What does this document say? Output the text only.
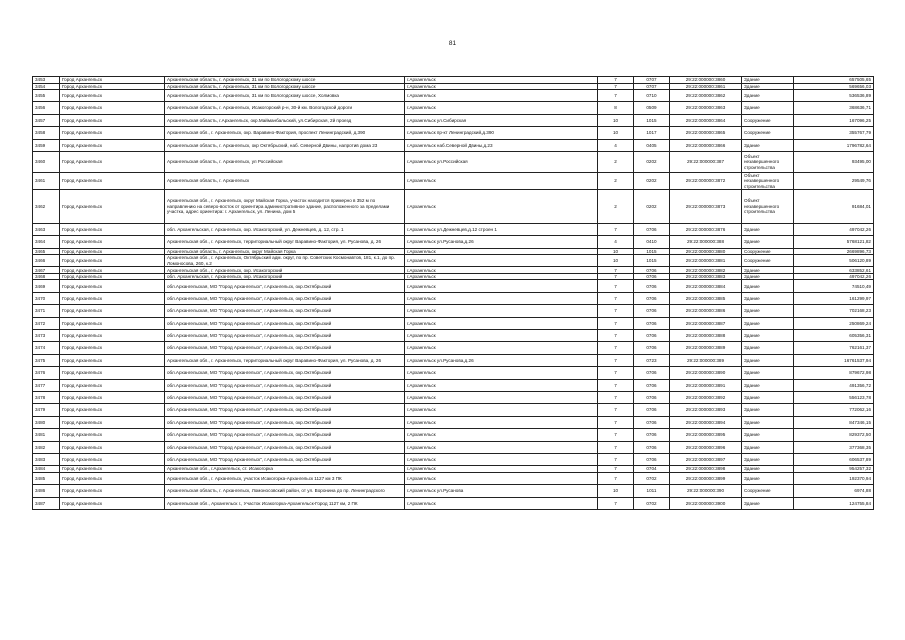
81
3453	Город Архангельск	Архангельская область, г. Архангельск, 31 км по Вологодскому шоссе	г.Архангельск	7	0707	29:22:000000:3860	Здание	657505,65
3454	Город Архангельск	Архангельская область, г. Архангельск, 31 км по Вологодскому шоссе	г.Архангельск	7	0707	29:22:000000:3861	Здание	569656,03
3455	Город Архангельск	Архангельская область, г. Архангельск, 31 км по Вологодскому шоссе, Холмовка	г.Архангельск	7	0710	29:22:000000:3862	Здание	536536,89
3456	Город Архангельск	Архангельская область, г. Архангельск, Исакогорский р-н, 30-й км. Вологодской дороги	г.Архангельск	8	0509	29:22:000000:3863	Здание	368636,71
3457	Город Архангельск	Архангельская область, г.Архангельск, окр.Майманбальский, ул.Сибирская, 2й проезд	г.Архангельск ул.Сибирская	10	1015	29:22:000000:3864	Сооружение	167096,25
3458	Город Архангельск	Архангельская обл., г. Архангельск, окр. Варавино-Фактория, проспект Ленинградский, д.390	г.Архангельск пр-кт Ленинградский,д.390	10	1017	29:22:000000:3865	Сооружение	355767,79
3459	Город Архангельск	Архангельская область, г. Архангельск, окр Октябрьский, наб. Северной Двины, напротив дома 23	г.Архангельск наб.Северной Двины,д.23	4	0405	29:22:000000:3866	Здание	1796782,64
3460	Город Архангельск	Архангельская область, г. Архангельск, ул Российская	г.Архангельск ул.Российская	2	0202	29:22:000000:387	Объект незавершенного строительства	93495,00
3461	Город Архангельск	Архангельская область, г. Архангельск	г.Архангельск	2	0202	29:22:000000:3872	Объект незавершенного строительства	29549,76
3462	Город Архангельск	Архангельская обл., г. Архангельск, округ Майская Горка, участок находится примерно в 352 м по направлению на северо-восток от ориентира административное здание, расположенного за пределами участка, адрес ориентира: г. Архангельск, ул. Ленина, дом 5	г.Архангельск	2	0202	29:22:000000:3873	Объект незавершенного строительства	91684,01
3463	Город Архангельск	обл. Архангельская, г. Архангельск, окр. Исакогорский, ул. Дежневцев, д. 12, стр. 1	г.Архангельск ул.Дежневцев,д.12 строен 1	7	0706	29:22:000000:3876	Здание	497042,26
3464	Город Архангельск	Архангельская обл., г. Архангельск, территориальный округ Варавино-Фактория, ул. Русанова, д. 26	г.Архангельск ул.Русанова,д.26	4	0410	29:22:000000:388	Здание	5768121,82
3465	Город Архангельск	Архангельская область, г. Архангельск, округ Майская Горка	г.Архангельск	10	1015	29:22:000000:3880	Сооружение	2669896,73
3466	Город Архангельск	Архангельская обл., г. Архангельск, Октябрьский адм. округ, по пр. Советских Космонавтов, 181, к.1, до пр. Ломоносова, 260, к.2	г.Архангельск	10	1015	29:22:000000:3881	Сооружение	506120,89
3467	Город Архангельск	Архангельская обл., г. Архангельск, окр. Исакогорский	г.Архангельск	7	0706	29:22:000000:3882	Здание	633852,61
3468	Город Архангельск	обл. Архангельская, г. Архангельск, окр. Исакогорский	г.Архангельск	7	0706	29:22:000000:3883	Здание	497042,26
3469	Город Архангельск	обл.Архангельская, МО "Город Архангельск", г.Архангельск, окр.Октябрьский	г.Архангельск	7	0706	29:22:000000:3884	Здание	74510,49
3470	Город Архангельск	обл.Архангельская, МО "Город Архангельск", г.Архангельск, окр.Октябрьский	г.Архангельск	7	0706	29:22:000000:3885	Здание	161299,97
3471	Город Архангельск	обл.Архангельская, МО "Город Архангельск", г.Архангельск, окр.Октябрьский	г.Архангельск	7	0706	29:22:000000:3886	Здание	702168,23
3472	Город Архангельск	обл.Архангельская, МО "Город Архангельск", г.Архангельск, окр.Октябрьский	г.Архангельск	7	0706	29:22:000000:3887	Здание	250869,24
3473	Город Архангельск	обл.Архангельская, МО "Город Архангельск", г.Архангельск, окр.Октябрьский	г.Архангельск	7	0706	29:22:000000:3888	Здание	605356,31
3474	Город Архангельск	обл.Архангельская, МО "Город Архангельск", г.Архангельск, окр.Октябрьский	г.Архангельск	7	0706	29:22:000000:3889	Здание	762161,37
3475	Город Архангельск	Архангельская обл., г. Архангельск, территориальный округ Варавино-Фактория, ул. Русанова, д. 26	г.Архангельск ул.Русанова,д.26	7	0723	29:22:000000:389	Здание	16761537,94
3476	Город Архангельск	обл.Архангельская, МО "Город Архангельск", г.Архангельск, окр.Октябрьский	г.Архангельск	7	0706	29:22:000000:3890	Здание	879672,98
3477	Город Архангельск	обл.Архангельская, МО "Город Архангельск", г.Архангельск, окр.Октябрьский	г.Архангельск	7	0706	29:22:000000:3891	Здание	491356,72
3478	Город Архангельск	обл.Архангельская, МО "Город Архангельск", г.Архангельск, окр.Октябрьский	г.Архангельск	7	0706	29:22:000000:3892	Здание	556123,78
3479	Город Архангельск	обл.Архангельская, МО "Город Архангельск", г.Архангельск, окр.Октябрьский	г.Архангельск	7	0706	29:22:000000:3893	Здание	772062,16
3480	Город Архангельск	обл.Архангельская, МО "Город Архангельск", г.Архангельск, окр.Октябрьский	г.Архангельск	7	0706	29:22:000000:3894	Здание	847346,15
3481	Город Архангельск	обл.Архангельская, МО "Город Архангельск", г.Архангельск, окр.Октябрьский	г.Архангельск	7	0706	29:22:000000:3895	Здание	829372,50
3482	Город Архангельск	обл.Архангельская, МО "Город Архангельск", г.Архангельск, окр.Октябрьский	г.Архангельск	7	0706	29:22:000000:3896	Здание	377368,35
3483	Город Архангельск	обл.Архангельская, МО "Город Архангельск", г.Архангельск, окр.Октябрьский	г.Архангельск	7	0706	29:22:000000:3897	Здание	606537,89
3484	Город Архангельск	Архангельская обл., г.Архангельск, ст. Исакогорка	г.Архангельск	7	0704	29:22:000000:3898	Здание	954257,32
3485	Город Архангельск	Архангельская обл., г. Архангельск, участок Исакогорка-Архангельск 1127 км 3 ПК	г.Архангельск	7	0702	29:22:000000:3899	Здание	192370,94
3486	Город Архангельск	Архангельская область, г. Архангельск, Ломоносовский район, от ул. Воронина до пр. Ленинградского	г.Архангельск ул.Русанова	10	1011	29:22:000000:390	Сооружение	6974,88
3487	Город Архангельск	Архангельская обл., Архангельск г., Участок Исакогорка-Архангельск-Город 1127 км, 2 ПК	г.Архангельск	7	0702	29:22:000000:3900	Здание	124755,84
